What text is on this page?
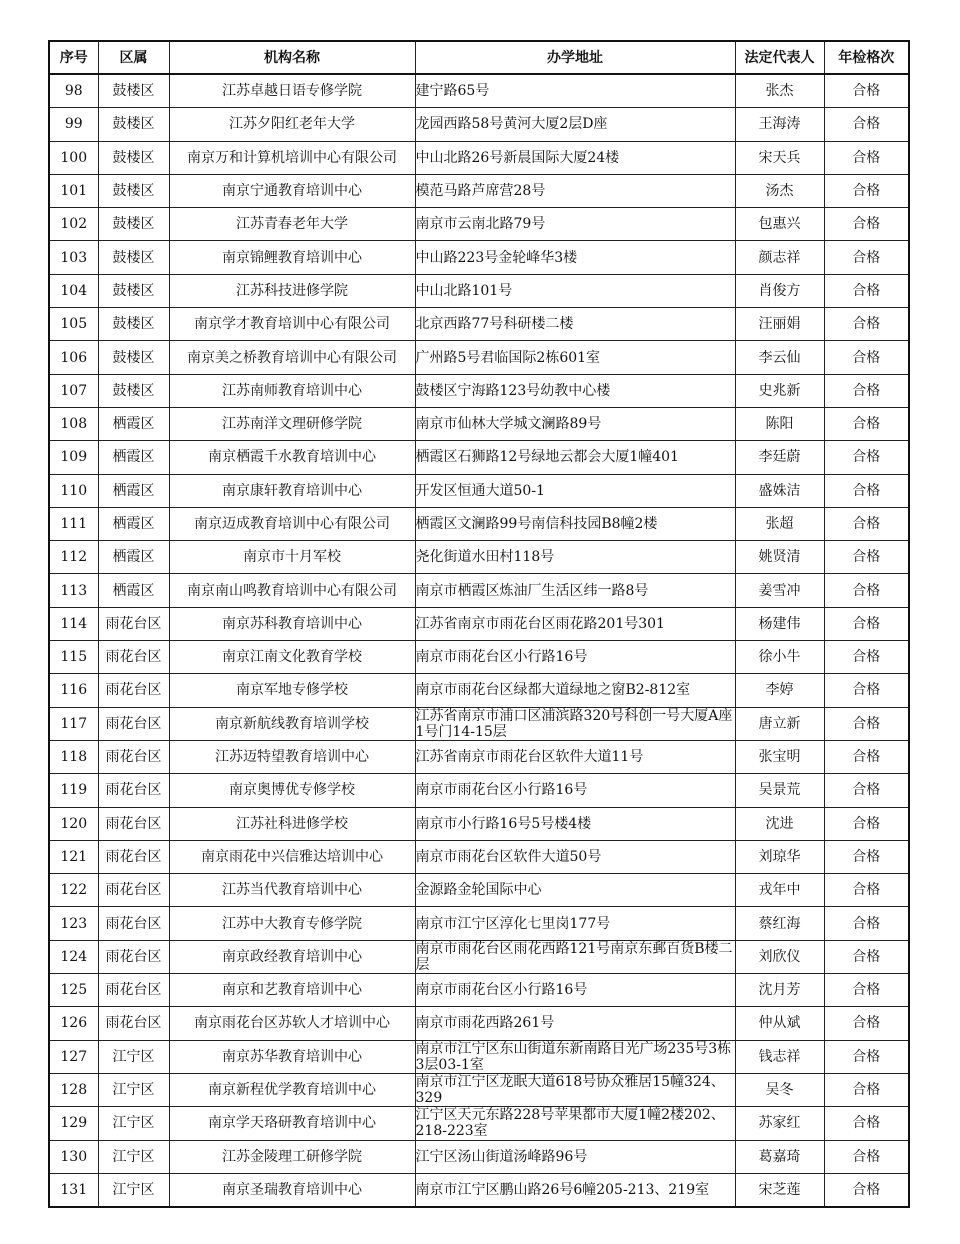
序号	区属	机构名称	办学地址	法定代表人	年检格次
98	鼓楼区	江苏卓越日语专修学院	建宁路65号	张杰	合格
99	鼓楼区	江苏夕阳红老年大学	龙园西路58号黄河大厦2层D座	王海涛	合格
100	鼓楼区	南京万和计算机培训中心有限公司	中山北路26号新晨国际大厦24楼	宋天兵	合格
101	鼓楼区	南京宁通教育培训中心	模范马路芦席营28号	汤杰	合格
102	鼓楼区	江苏青春老年大学	南京市云南北路79号	包惠兴	合格
103	鼓楼区	南京锦鲤教育培训中心	中山路223号金轮峰华3楼	颜志祥	合格
104	鼓楼区	江苏科技进修学院	中山北路101号	肖俊方	合格
105	鼓楼区	南京学才教育培训中心有限公司	北京西路77号科研楼二楼	汪丽娟	合格
106	鼓楼区	南京美之桥教育培训中心有限公司	广州路5号君临国际2栋601室	李云仙	合格
107	鼓楼区	江苏南师教育培训中心	鼓楼区宁海路123号幼教中心楼	史兆新	合格
108	栖霞区	江苏南洋文理研修学院	南京市仙林大学城文澜路89号	陈阳	合格
109	栖霞区	南京栖霞千水教育培训中心	栖霞区石狮路12号绿地云都会大厦1幢401	李廷蔚	合格
110	栖霞区	南京康轩教育培训中心	开发区恒通大道50-1	盛姝洁	合格
111	栖霞区	南京迈成教育培训中心有限公司	栖霞区文澜路99号南信科技园B8幢2楼	张超	合格
112	栖霞区	南京市十月军校	尧化街道水田村118号	姚贤清	合格
113	栖霞区	南京南山鸣教育培训中心有限公司	南京市栖霞区炼油厂生活区纬一路8号	姜雪冲	合格
114	雨花台区	南京苏科教育培训中心	江苏省南京市雨花台区雨花路201号301	杨建伟	合格
115	雨花台区	南京江南文化教育学校	南京市雨花台区小行路16号	徐小牛	合格
116	雨花台区	南京军地专修学校	南京市雨花台区绿都大道绿地之窗B2-812室	李婷	合格
117	雨花台区	南京新航线教育培训学校	江苏省南京市浦口区浦滨路320号科创一号大厦A座1号门14-15层	唐立新	合格
118	雨花台区	江苏迈特望教育培训中心	江苏省南京市雨花台区软件大道11号	张宝明	合格
119	雨花台区	南京奥博优专修学校	南京市雨花台区小行路16号	吴景荒	合格
120	雨花台区	江苏社科进修学校	南京市小行路16号5号楼4楼	沈进	合格
121	雨花台区	南京雨花中兴信雅达培训中心	南京市雨花台区软件大道50号	刘琼华	合格
122	雨花台区	江苏当代教育培训中心	金源路金轮国际中心	戎年中	合格
123	雨花台区	江苏中大教育专修学院	南京市江宁区淳化七里岗177号	蔡红海	合格
124	雨花台区	南京政经教育培训中心	南京市雨花台区雨花西路121号南京东郵百货B楼二层	刘欣仪	合格
125	雨花台区	南京和艺教育培训中心	南京市雨花台区小行路16号	沈月芳	合格
126	雨花台区	南京雨花台区苏软人才培训中心	南京市雨花西路261号	仲从斌	合格
127	江宁区	南京苏华教育培训中心	南京市江宁区东山街道东新南路日光广场235号3栋3层03-1室	钱志祥	合格
128	江宁区	南京新程优学教育培训中心	南京市江宁区龙眠大道618号协众雅居15幢324、329	吴冬	合格
129	江宁区	南京学天珞研教育培训中心	江宁区天元东路228号苹果都市大厦1幢2楼202、218-223室	苏家红	合格
130	江宁区	江苏金陵理工研修学院	江宁区汤山街道汤峰路96号	葛嘉琦	合格
131	江宁区	南京圣瑞教育培训中心	南京市江宁区鹏山路26号6幢205-213、219室	宋芝莲	合格
